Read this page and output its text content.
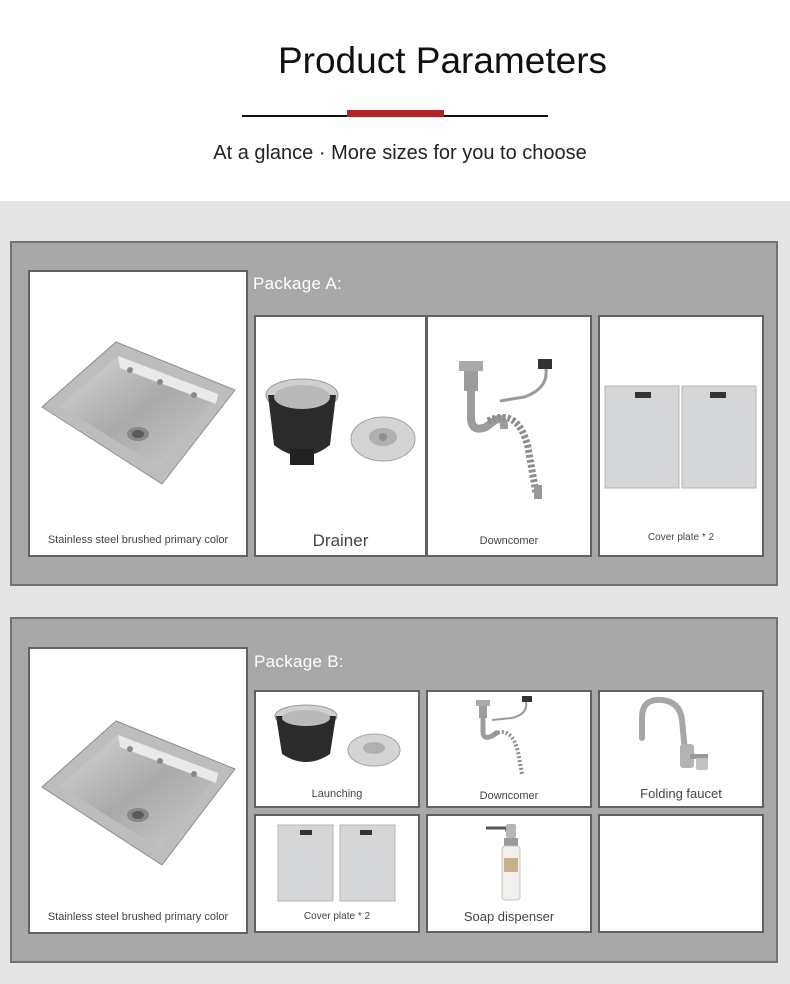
Product Parameters
At a glance · More sizes for you to choose
Stainless steel brushed primary color
Package A:
Drainer	Downcomer	Cover plate * 2
Stainless steel brushed primary color
Package B:
Launching	Downcomer	Folding faucet
Cover plate * 2	Soap dispenser
